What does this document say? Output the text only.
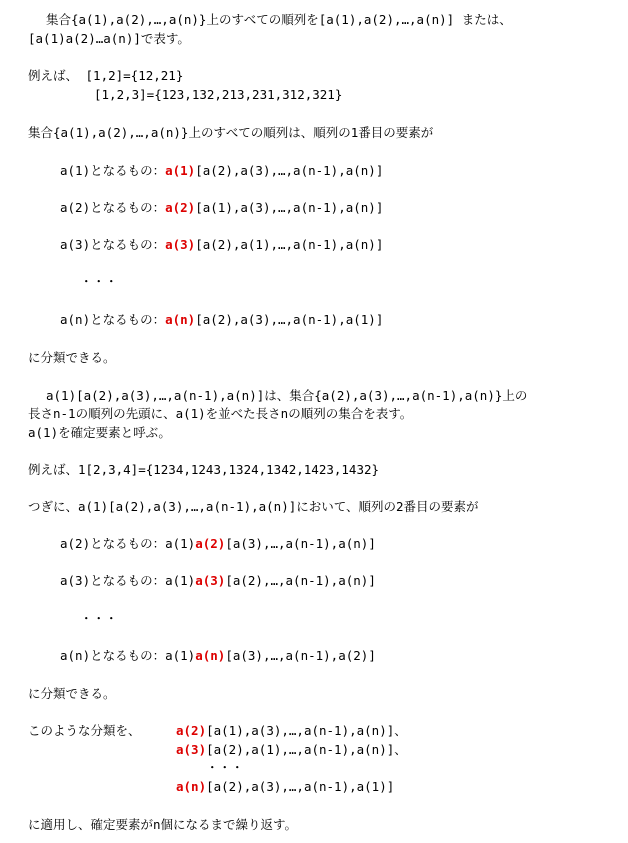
集合{a(1),a(2),…,a(n)}上のすべての順列を[a(1),a(2),…,a(n)] または、
[a(1)a(2)…a(n)]で表す。
例えば、 [1,2]={12,21}
[1,2,3]={123,132,213,231,312,321}
集合{a(1),a(2),…,a(n)}上のすべての順列は、順列の1番目の要素が
a(1)となるもの：a(1)[a(2),a(3),…,a(n-1),a(n)]
a(2)となるもの：a(2)[a(1),a(3),…,a(n-1),a(n)]
a(3)となるもの：a(3)[a(2),a(1),…,a(n-1),a(n)]
・・・
a(n)となるもの：a(n)[a(2),a(3),…,a(n-1),a(1)]
に分類できる。
a(1)[a(2),a(3),…,a(n-1),a(n)]は、集合{a(2),a(3),…,a(n-1),a(n)}上の
長さn-1の順列の先頭に、a(1)を並べた長さnの順列の集合を表す。
a(1)を確定要素と呼ぶ。
例えば、1[2,3,4]={1234,1243,1324,1342,1423,1432}
つぎに、a(1)[a(2),a(3),…,a(n-1),a(n)]において、順列の2番目の要素が
a(2)となるもの：a(1)a(2)[a(3),…,a(n-1),a(n)]
a(3)となるもの：a(1)a(3)[a(2),…,a(n-1),a(n)]
・・・
a(n)となるもの：a(1)a(n)[a(3),…,a(n-1),a(2)]
に分類できる。
このような分類を、	a(2)[a(1),a(3),…,a(n-1),a(n)]、
a(3)[a(2),a(1),…,a(n-1),a(n)]、
・・・
a(n)[a(2),a(3),…,a(n-1),a(1)]
に適用し、確定要素がn個になるまで繰り返す。
